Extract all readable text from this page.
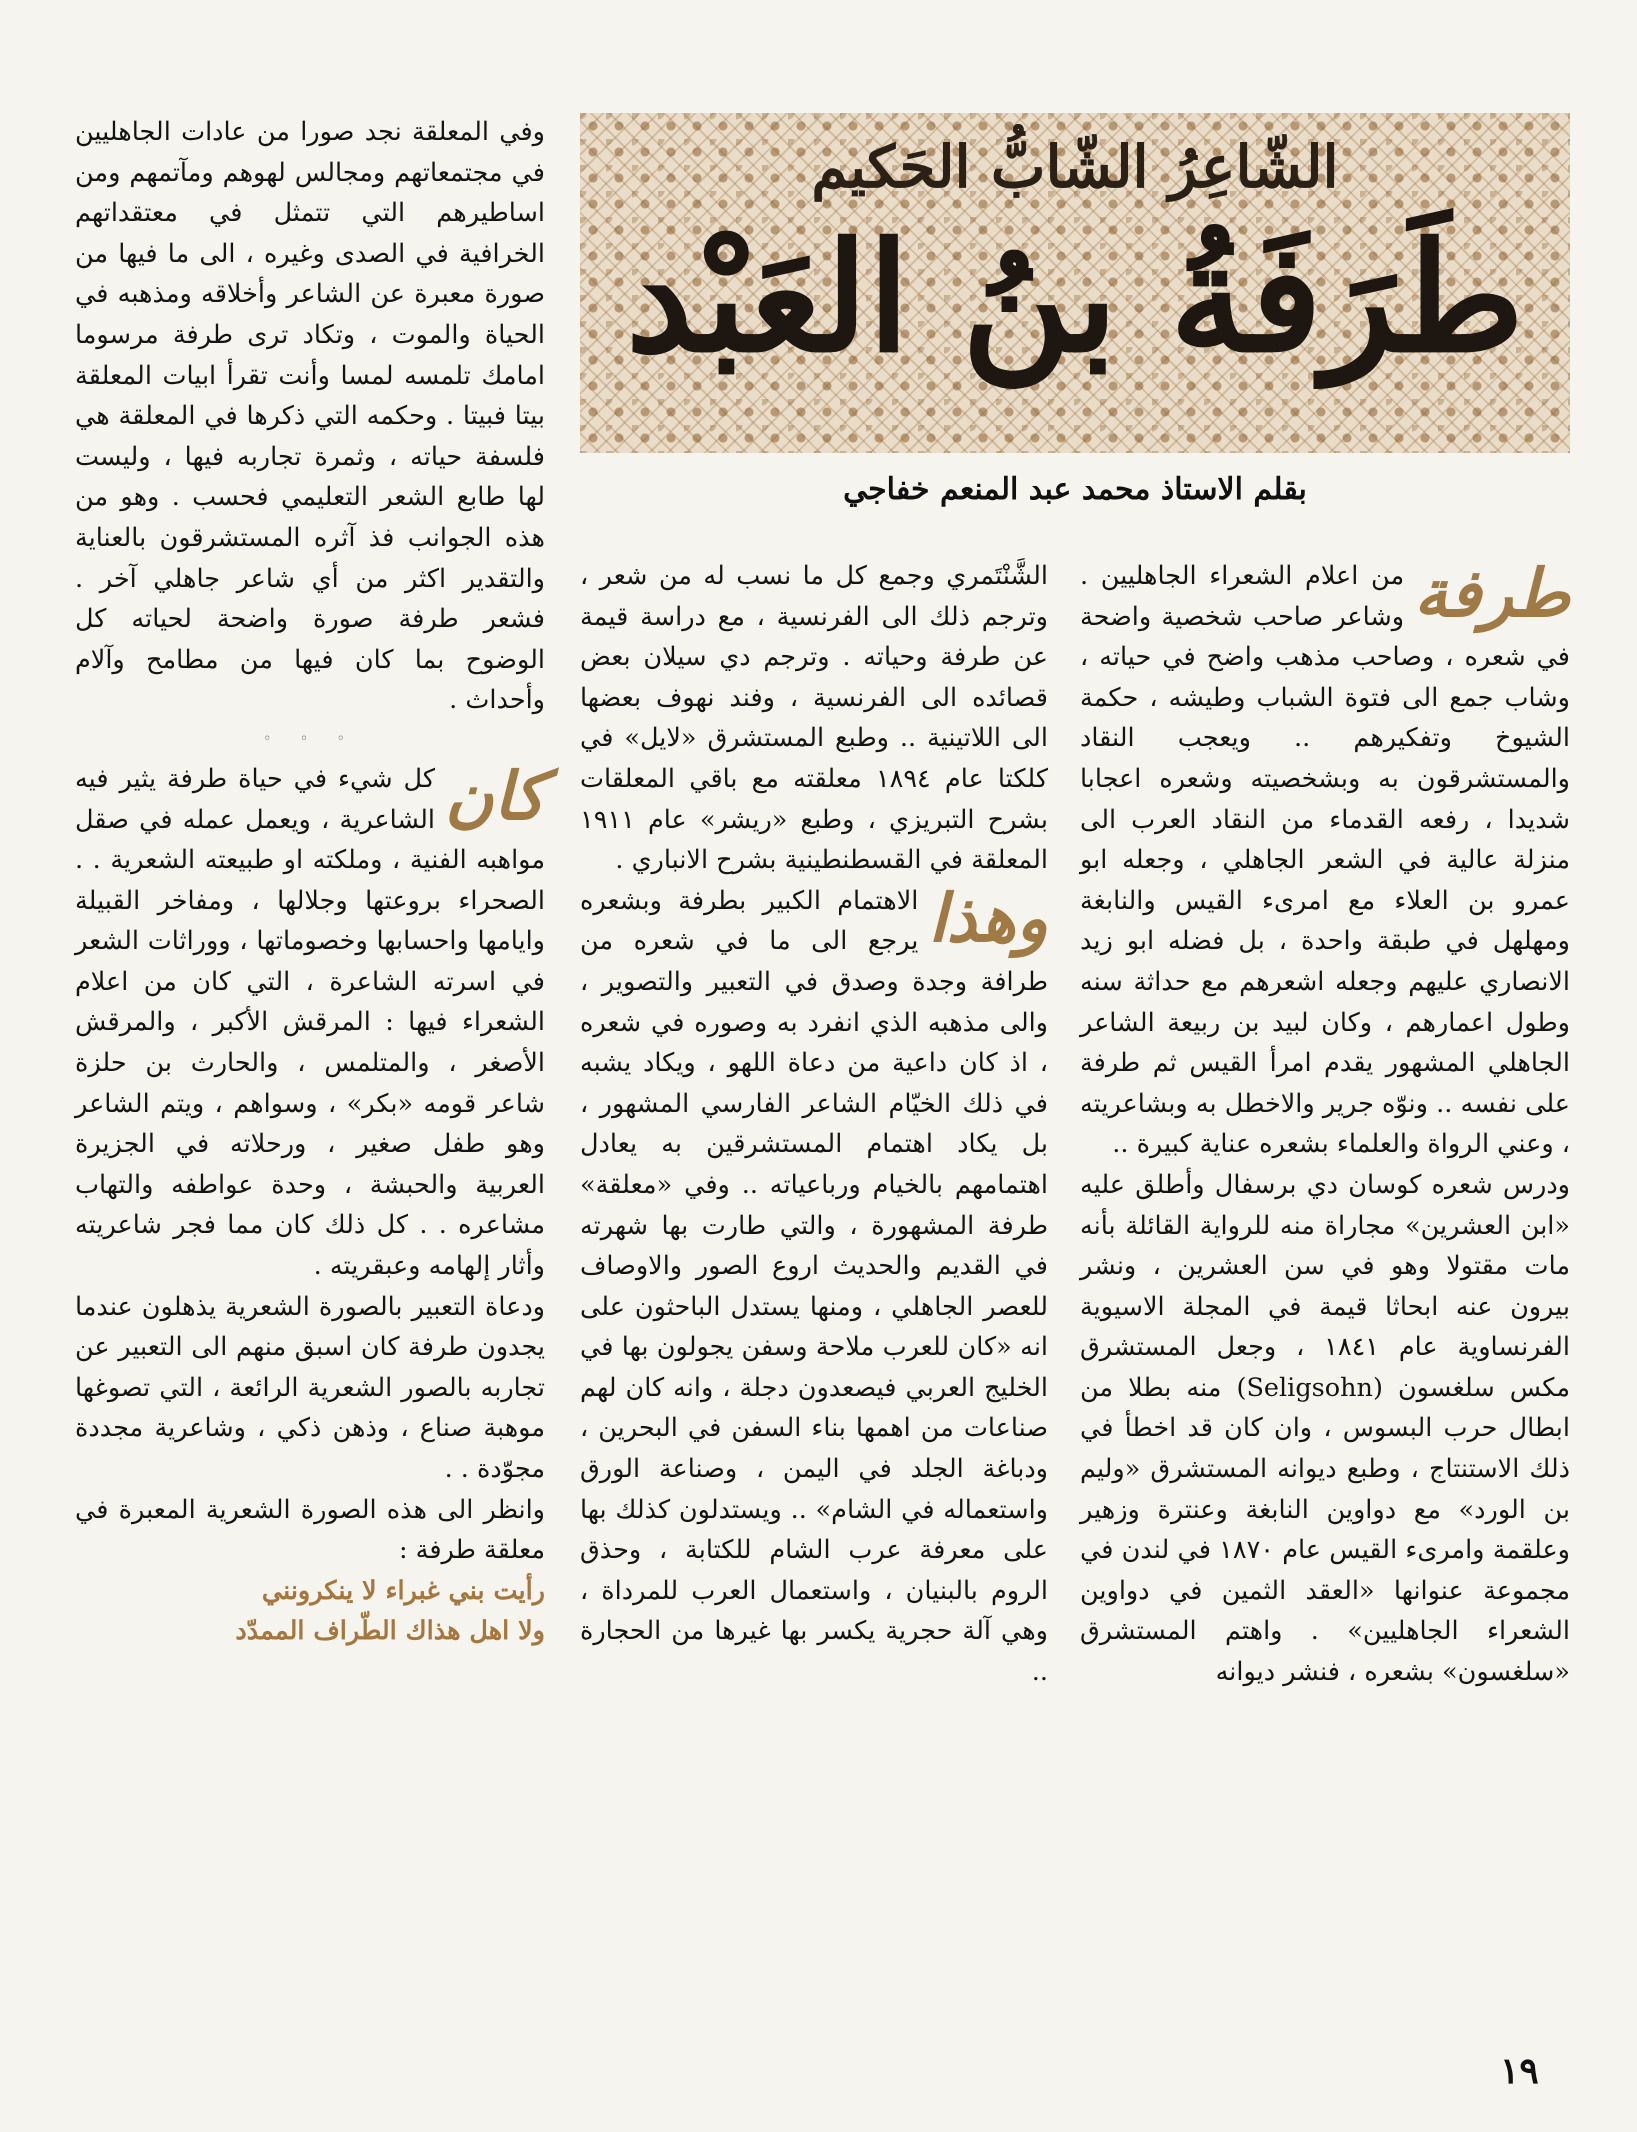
الشّاعِرُ الشّابُّ الحَكيم
طَرَفَةُ بنُ العَبْد
بقلم الاستاذ محمد عبد المنعم خفاجي
طرفة

من اعلام الشعراء الجاهليين . وشاعر صاحب شخصية واضحة في شعره ، وصاحب مذهب واضح في حياته ، وشاب جمع الى فتوة الشباب وطيشه ، حكمة الشيوخ وتفكيرهم .. ويعجب النقاد والمستشرقون به وبشخصيته وشعره اعجابا شديدا ، رفعه القدماء من النقاد العرب الى منزلة عالية في الشعر الجاهلي ، وجعله ابو عمرو بن العلاء مع امرىء القيس والنابغة ومهلهل في طبقة واحدة ، بل فضله ابو زيد الانصاري عليهم وجعله اشعرهم مع حداثة سنه وطول اعمارهم ، وكان لبيد بن ربيعة الشاعر الجاهلي المشهور يقدم امرأ القيس ثم طرفة على نفسه .. ونوّه جرير والاخطل به وبشاعريته ، وعني الرواة والعلماء بشعره عناية كبيرة ..

ودرس شعره كوسان دي برسفال وأطلق عليه «ابن العشرين» مجاراة منه للرواية القائلة بأنه مات مقتولا وهو في سن العشرين ، ونشر بيرون عنه ابحاثا قيمة في المجلة الاسيوية الفرنساوية عام ١٨٤١ ، وجعل المستشرق مكس سلغسون (Seligsohn) منه بطلا من ابطال حرب البسوس ، وان كان قد اخطأ في ذلك الاستنتاج ، وطبع ديوانه المستشرق «وليم بن الورد» مع دواوين النابغة وعنترة وزهير وعلقمة وامرىء القيس عام ١٨٧٠ في لندن في مجموعة عنوانها «العقد الثمين في دواوين الشعراء الجاهليين» . واهتم المستشرق «سلغسون» بشعره ، فنشر ديوانه

الشَّنْتَمري وجمع كل ما نسب له من شعر ، وترجم ذلك الى الفرنسية ، مع دراسة قيمة عن طرفة وحياته . وترجم دي سيلان بعض قصائده الى الفرنسية ، وفند نهوف بعضها الى اللاتينية .. وطبع المستشرق «لايل» في كلكتا عام ١٨٩٤ معلقته مع باقي المعلقات بشرح التبريزي ، وطبع «ريشر» عام ١٩١١ المعلقة في القسطنطينية بشرح الانباري .

وهذا

الاهتمام الكبير بطرفة وبشعره يرجع الى ما في شعره من طرافة وجدة وصدق في التعبير والتصوير ، والى مذهبه الذي انفرد به وصوره في شعره ، اذ كان داعية من دعاة اللهو ، ويكاد يشبه في ذلك الخيّام الشاعر الفارسي المشهور ، بل يكاد اهتمام المستشرقين به يعادل اهتمامهم بالخيام ورباعياته .. وفي «معلقة» طرفة المشهورة ، والتي طارت بها شهرته في القديم والحديث اروع الصور والاوصاف للعصر الجاهلي ، ومنها يستدل الباحثون على انه «كان للعرب ملاحة وسفن يجولون بها في الخليج العربي فيصعدون دجلة ، وانه كان لهم صناعات من اهمها بناء السفن في البحرين ، ودباغة الجلد في اليمن ، وصناعة الورق واستعماله في الشام» .. ويستدلون كذلك بها على معرفة عرب الشام للكتابة ، وحذق الروم بالبنيان ، واستعمال العرب للمرداة ، وهي آلة حجرية يكسر بها غيرها من الحجارة ..

وفي المعلقة نجد صورا من عادات الجاهليين في مجتمعاتهم ومجالس لهوهم ومآتمهم ومن اساطيرهم التي تتمثل في معتقداتهم الخرافية في الصدى وغيره ، الى ما فيها من صورة معبرة عن الشاعر وأخلاقه ومذهبه في الحياة والموت ، وتكاد ترى طرفة مرسوما امامك تلمسه لمسا وأنت تقرأ ابيات المعلقة بيتا فبيتا . وحكمه التي ذكرها في المعلقة هي فلسفة حياته ، وثمرة تجاربه فيها ، وليست لها طابع الشعر التعليمي فحسب . وهو من هذه الجوانب فذ آثره المستشرقون بالعناية والتقدير اكثر من أي شاعر جاهلي آخر . فشعر طرفة صورة واضحة لحياته كل الوضوح بما كان فيها من مطامح وآلام وأحداث .

◦ ◦ ◦
كان

كل شيء في حياة طرفة يثير فيه الشاعرية ، ويعمل عمله في صقل مواهبه الفنية ، وملكته او طبيعته الشعرية . . الصحراء بروعتها وجلالها ، ومفاخر القبيلة وايامها واحسابها وخصوماتها ، ووراثات الشعر في اسرته الشاعرة ، التي كان من اعلام الشعراء فيها : المرقش الأكبر ، والمرقش الأصغر ، والمتلمس ، والحارث بن حلزة شاعر قومه «بكر» ، وسواهم ، ويتم الشاعر وهو طفل صغير ، ورحلاته في الجزيرة العربية والحبشة ، وحدة عواطفه والتهاب مشاعره . . كل ذلك كان مما فجر شاعريته وأثار إلهامه وعبقريته .

ودعاة التعبير بالصورة الشعرية يذهلون عندما يجدون طرفة كان اسبق منهم الى التعبير عن تجاربه بالصور الشعرية الرائعة ، التي تصوغها موهبة صناع ، وذهن ذكي ، وشاعرية مجددة مجوّدة . .

وانظر الى هذه الصورة الشعرية المعبرة في معلقة طرفة :

رأيت بني غبراء لا ينكرونني

ولا اهل هذاك الطّراف الممدّد

١٩
